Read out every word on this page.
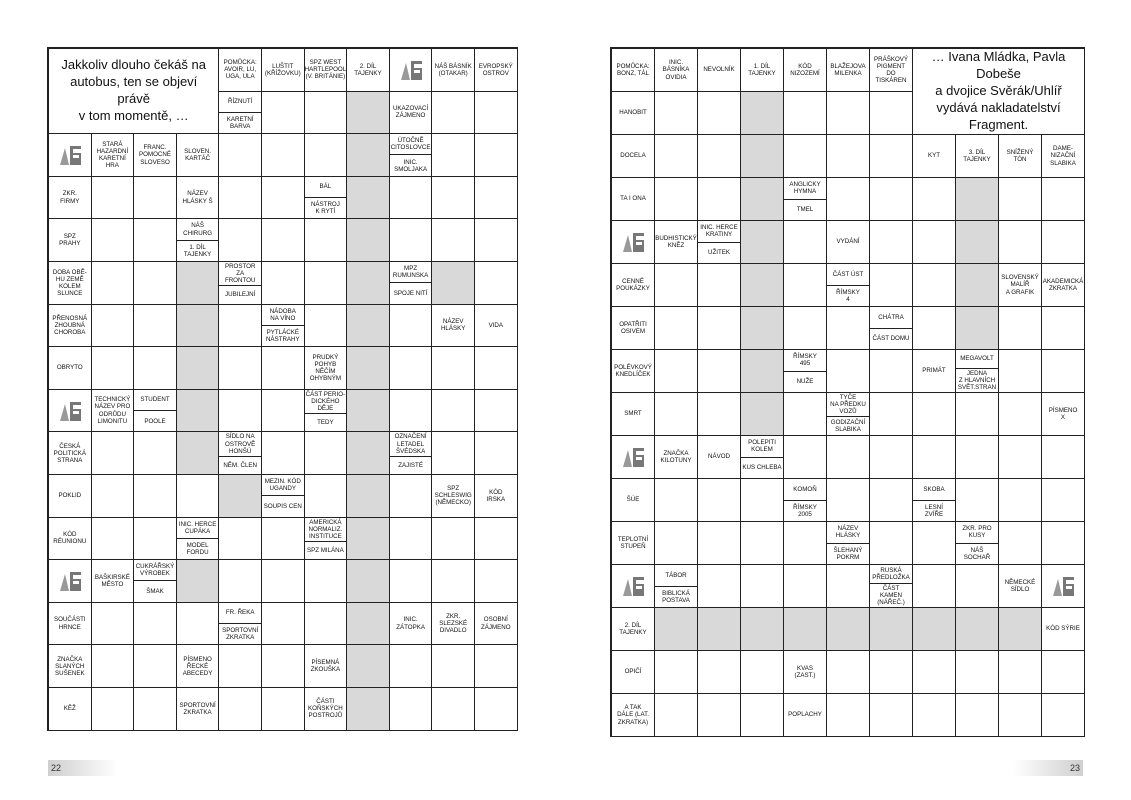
POMŮCKA:
AVOIR, LU,
UGA, ULA
LUŠTIT
(KŘÍŽOVKU)
SPZ WEST
HARTLEPOOL
(V. BRITÁNIE)
2. DÍL
TAJENKY
NÁŠ BÁSNÍK
(OTAKAR)
EVROPSKÝ
OSTROV
ŘÍZNUTÍ
KARETNÍ
BARVA
UKAZOVACÍ
ZÁJMENO
STARÁ
HAZARDNÍ
KARETNÍ
HRA
FRANC.
POMOCNÉ
SLOVESO
SLOVEN.
KARTÁČ
ÚTOČNĚ
CITOSLOVCE
INIC.
SMOLJAKA
ZKR.
FIRMY
NÁZEV
HLÁSKY Š
BÁL
NÁSTROJ
K RYTÍ
SPZ
PRAHY
NÁŠ
CHIRURG
1. DÍL
TAJENKY
DOBA OBĚ-
HU ZEMĚ
KOLEM
SLUNCE
PROSTOR ZA
FRONTOU
JUBILEJNÍ
MPZ
RUMUNSKA
SPOJE NITÍ
PŘENOSNÁ
ZHOUBNÁ
CHOROBA
NÁDOBA
NA VÍNO
PYTLÁCKÉ
NÁSTRAHY
NÁZEV
HLÁSKY
VIDA
OBRYTO
PRUDKÝ
POHYB
NĚČÍM
OHYBNÝM
TECHNICKÝ
NÁZEV PRO
ODRŮDU
LIMONITU
STUDENT
POOLE
ČÁST PERIO-
DICKÉHO
DĚJE
TEDY
ČESKÁ
POLITICKÁ
STRANA
SÍDLO NA
OSTROVĚ
HONŠÚ
NĚM. ČLEN
OZNAČENÍ
LETADEL
ŠVÉDSKA
ZAJISTÉ
POKLID
MEZIN. KÓD
UGANDY
SOUPIS CEN
SPZ
SCHLESWIG
(NĚMECKO)
KÓD
IRSKA
KÓD
RÉUNIONU
INIC. HERCE
CUPÁKA
MODEL
FORDU
AMERICKÁ
NORMALIZ.
INSTITUCE
SPZ MILÁNA
BAŠKIRSKÉ
MĚSTO
CUKRÁŘSKÝ
VÝROBEK
ŠMAK
SOUČÁSTI
HRNCE
FR. ŘEKA
SPORTOVNÍ
ZKRATKA
INIC.
ZÁTOPKA
ZKR.
SLEZSKÉ
DIVADLO
OSOBNÍ
ZÁJMENO
ZNAČKA
SLANÝCH
SUŠENEK
PÍSMENO
ŘECKÉ
ABECEDY
PÍSEMNÁ
ZKOUŠKA
KĚŽ
SPORTOVNÍ
ZKRATKA
ČÁSTI
KOŇSKÝCH
POSTROJŮ
Jakkoliv dlouho čekáš na
autobus, ten se objeví právě
v tom momentě, …
POMŮCKA:
BONZ, TÁL
INIC.
BÁSNÍKA
OVIDIA
NEVOLNÍK
1. DÍL
TAJENKY
KÓD
NIZOZEMÍ
BLAŽEJOVA
MILENKA
PRÁŠKOVÝ
PIGMENT
DO
TISKÁREN
HANOBIT
DOCELA	KYT
3. DÍL
TAJENKY
SNÍŽENÝ
TÓN
DAME-
NIZAČNÍ
SLABIKA
TA I ONA
ANGLICKY
HYMNA
TMEL
BUDHISTICKÝ
KNĚZ
INIC. HERCE
KRATINY
UŽITEK
VYDÁNÍ
CENNÉ
POUKÁZKY
ČÁST ÚST
ŘÍMSKY
4
SLOVENSKÝ
MALÍŘ
A GRAFIK
AKADEMICKÁ
ZKRATKA
OPATŘITI
OSIVEM
CHÁTRA
ČÁST DOMU
POLÉVKOVÝ
KNEDLÍČEK
ŘÍMSKY
495
NUŽE
PRIMÁT
MEGAVOLT
JEDNA
Z HLAVNÍCH
SVĚT.STRAN
SMRT
TYČE
NA PŘEDKU
VOZŮ
GODIZAČNÍ
SLABIKA
PÍSMENO
X
ZNAČKA
KILOTUNY
NÁVOD
POLEPITI
KOLEM
KUS CHLEBA
ŠÚE
KOMOŇ
ŘÍMSKY
2005
SKOBA
LESNÍ
ZVÍŘE
TEPLOTNÍ
STUPEŇ
NÁZEV
HLÁSKY
ŠLEHANÝ
POKRM
ZKR. PRO
KUSY
NÁŠ
SOCHAŘ
TÁBOR
BIBLICKÁ
POSTAVA
RUSKÁ
PŘEDLOŽKA
ČÁST KAMEN
(NÁŘEČ.)
NĚMECKÉ
SÍDLO
2. DÍL
TAJENKY
KÓD SÝRIE
OPIČÍ
KVAS
(ZAST.)
A TAK
DÁLE (LAT.
ZKRATKA)
POPLACHY
… Ivana Mládka, Pavla Dobeše
a dvojice Svěrák/Uhlíř
vydává nakladatelství
Fragment.
22	23
